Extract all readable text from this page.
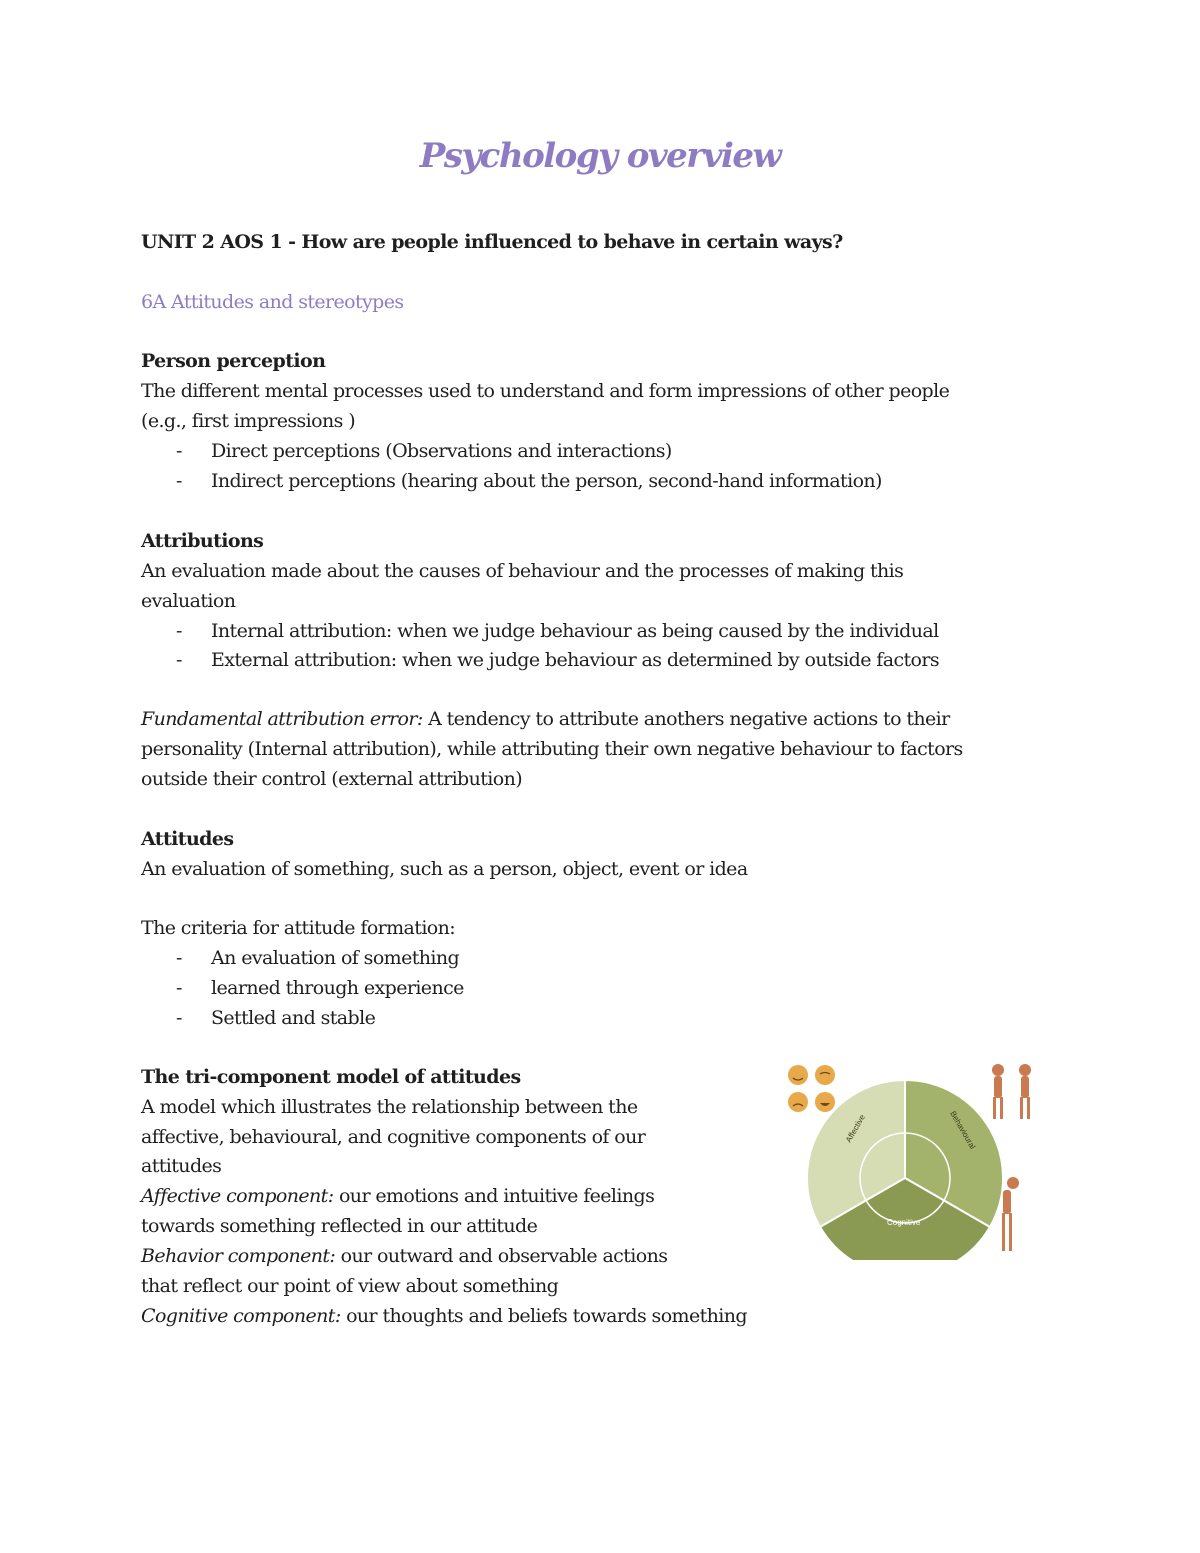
Psychology overview
UNIT 2 AOS 1 - How are people influenced to behave in certain ways?
6A Attitudes and stereotypes
Person perception
The different mental processes used to understand and form impressions of other people
(e.g., first impressions )
- Direct perceptions (Observations and interactions)
- Indirect perceptions (hearing about the person, second-hand information)
Attributions
An evaluation made about the causes of behaviour and the processes of making this
evaluation
- Internal attribution: when we judge behaviour as being caused by the individual
- External attribution: when we judge behaviour as determined by outside factors
Fundamental attribution error: A tendency to attribute anothers negative actions to their
personality (Internal attribution), while attributing their own negative behaviour to factors
outside their control (external attribution)
Attitudes
An evaluation of something, such as a person, object, event or idea
The criteria for attitude formation:
- An evaluation of something
- learned through experience
- Settled and stable
The tri-component model of attitudes
A model which illustrates the relationship between the
affective, behavioural, and cognitive components of our
attitudes
Affective component: our emotions and intuitive feelings
towards something reflected in our attitude
Behavior component: our outward and observable actions
that reflect our point of view about something
Cognitive component: our thoughts and beliefs towards something
Affective	Behavioural
Cognitive
